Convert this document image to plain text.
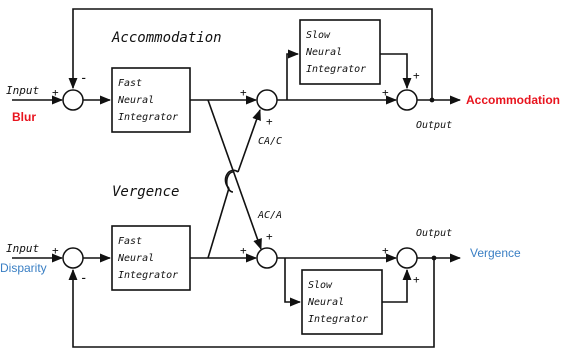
Accommodation
Vergence
Fast
Neural
Integrator
Fast
Neural
Integrator
Slow
Neural
Integrator
Slow
Neural
Integrator
Input
Blur
Input
Disparity
Output
Accommodation
Output
Vergence
CA/C
AC/A
+
-
+
+
+
+
+
-
+
+
+
+
